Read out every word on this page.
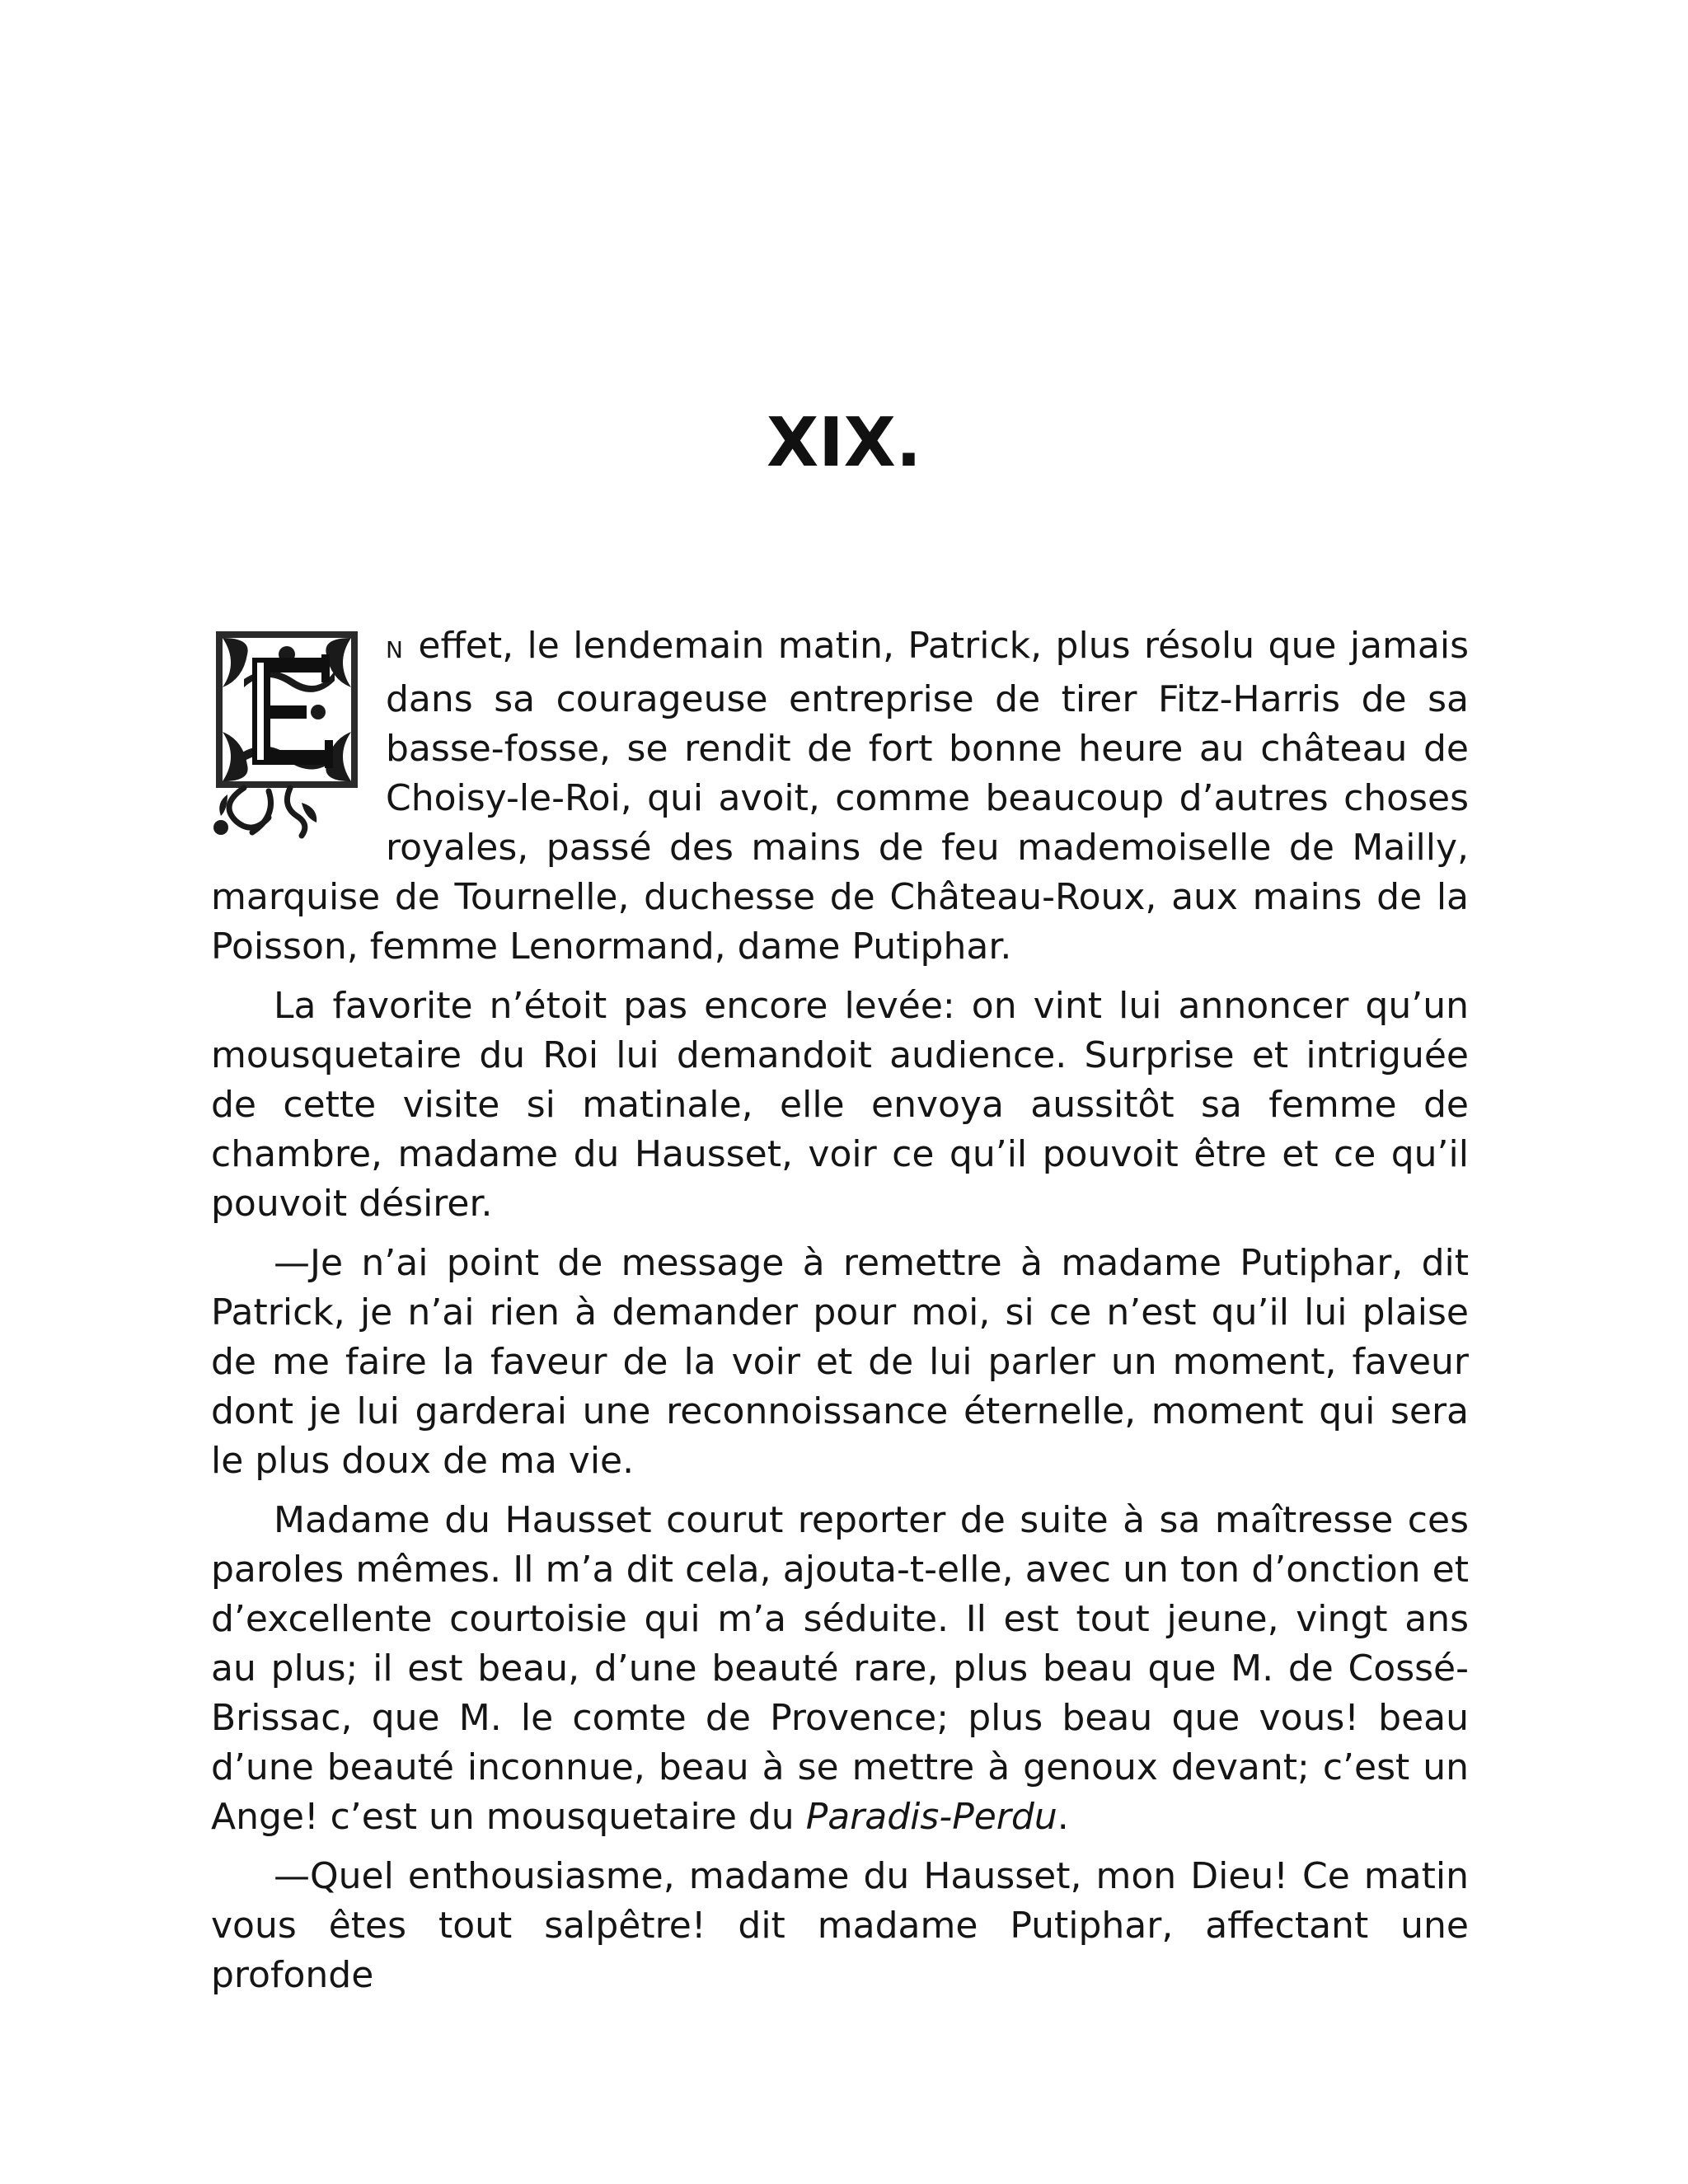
XIX.

N effet, le lendemain matin, Patrick, plus résolu que jamais dans sa courageuse entreprise de tirer Fitz-Harris de sa basse-fosse, se rendit de fort bonne heure au château de Choisy-le-Roi, qui avoit, comme beaucoup d’autres choses royales, passé des mains de feu mademoiselle de Mailly, marquise de Tournelle, duchesse de Château-Roux, aux mains de la Poisson, femme Lenormand, dame Putiphar.

La favorite n’étoit pas encore levée: on vint lui annoncer qu’un mousquetaire du Roi lui demandoit audience. Surprise et intriguée de cette visite si matinale, elle envoya aussitôt sa femme de chambre, madame du Hausset, voir ce qu’il pouvoit être et ce qu’il pouvoit désirer.

—Je n’ai point de message à remettre à madame Putiphar, dit Patrick, je n’ai rien à demander pour moi, si ce n’est qu’il lui plaise de me faire la faveur de la voir et de lui parler un moment, faveur dont je lui garderai une reconnoissance éternelle, moment qui sera le plus doux de ma vie.

Madame du Hausset courut reporter de suite à sa maîtresse ces paroles mêmes. Il m’a dit cela, ajouta-t-elle, avec un ton d’onction et d’excellente courtoisie qui m’a séduite. Il est tout jeune, vingt ans au plus; il est beau, d’une beauté rare, plus beau que M. de Cossé-Brissac, que M. le comte de Provence; plus beau que vous! beau d’une beauté inconnue, beau à se mettre à genoux devant; c’est un Ange! c’est un mousquetaire du Paradis-Perdu.

—Quel enthousiasme, madame du Hausset, mon Dieu! Ce matin vous êtes tout salpêtre! dit madame Putiphar, affectant une profonde
